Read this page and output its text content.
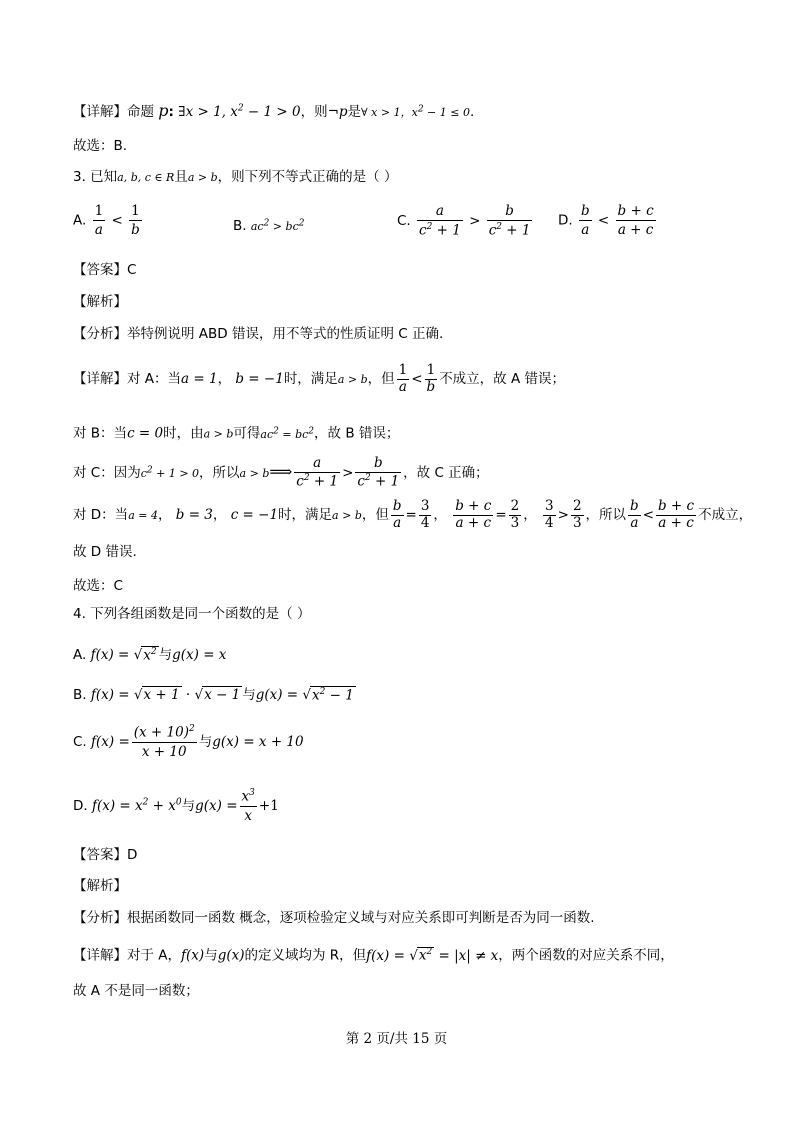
【详解】命题 p: ∃x > 1, $x^2 - 1 > 0$，则¬p是∀ x > 1，$x^2 - 1 \le 0$.
故选：B.
3. 已知a, b, c ∈ R且a > b，则下列不等式正确的是（ ）
A. $\frac{1}{a} < \frac{1}{b}$	B. $ac^2 > bc^2$	C. $\frac{a}{c^2 + 1} > \frac{b}{c^2 + 1} D$. $\frac{b}{a} < \frac{b + c}{a + c}$
【答案】C
【解析】
【分析】举特例说明 ABD 错误，用不等式的性质证明 C 正确.
【详解】对 A：当a = 1， b = −1时，满足a > b，但 $\frac{1}{a} < \frac{1}{b}$ 不成立，故 A 错误；
对 B：当c = 0时，由a > b可得$ac^2 = bc^2$，故 B 错误；
对 C：因为$c^2 + 1 > 0$，所以a > b⟹ $\frac{a}{c^2 + 1} > \frac{b}{c^2 + 1}$ ，故 C 正确；
对 D：当a = 4， b = 3， c = −1时，满足a > b，但 $\frac{b}{a} = \frac{3}{4}$ ， $\frac{b + c}{a + c} = \frac{2}{3}$ ， $\frac{3}{4} > \frac{2}{3}$ ，所以 $\frac{b}{a} < \frac{b + c}{a + c}$ 不成立，
故 D 错误.
故选：C
4. 下列各组函数是同一个函数的是（ ）
A. $f(x) = √x^2$ 与g(x) = x
B. f(x) = √x + 1 · √x − 1 与$g(x) = √x^2 - 1$
C. $f(x) = \frac{(x + 10)^2}{x + 10}$ 与g(x) = x + 10
D. $f(x) = x^2 + x^0$与$g(x) = \frac{x^3}{x} +1$
【答案】D
【解析】
【分析】根据函数同一函数 概念，逐项检验定义域与对应关系即可判断是否为同一函数.
【详解】对于 A，f(x)与g(x)的定义域均为 R，但$f(x) = √x^2 = |x| \ne x$，两个函数的对应关系不同，
故 A 不是同一函数；
第 2 页/共 15 页
